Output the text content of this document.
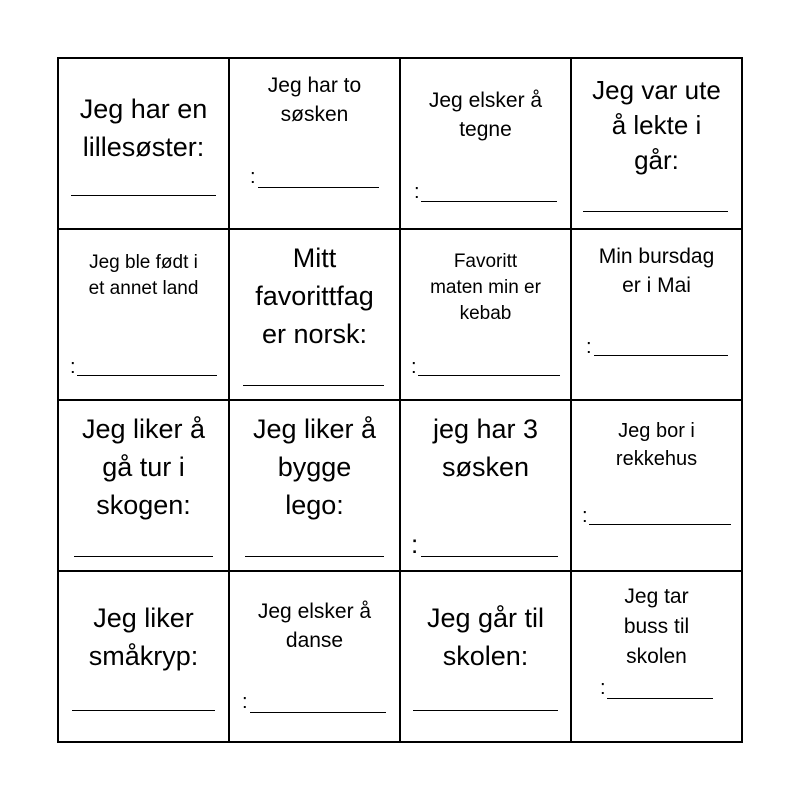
Jeg har en
lillesøster:
Jeg har to
søsken
:
Jeg elsker å
tegne
:
Jeg var ute
å lekte i
går:
Jeg ble født i
et annet land
:
Mitt
favorittfag
er norsk:
Favoritt
maten min er
kebab
:
Min bursdag
er i Mai
:
Jeg liker å
gå tur i
skogen:
Jeg liker å
bygge
lego:
jeg har 3
søsken
:
Jeg bor i
rekkehus
:
Jeg liker
småkryp:
Jeg elsker å
danse
:
Jeg går til
skolen:
Jeg tar
buss til
skolen
:
